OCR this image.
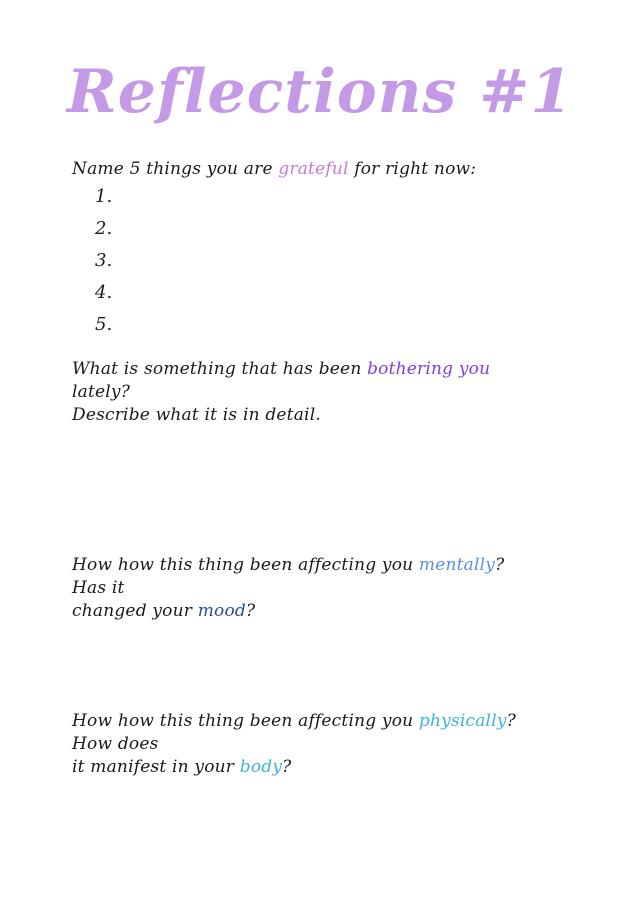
Reflections #1
Name 5 things you are grateful for right now:
1.
2.
3.
4.
5.
What is something that has been bothering you lately?
Describe what it is in detail.
How how this thing been affecting you mentally? Has it
changed your mood?
How how this thing been affecting you physically? How does
it manifest in your body?
